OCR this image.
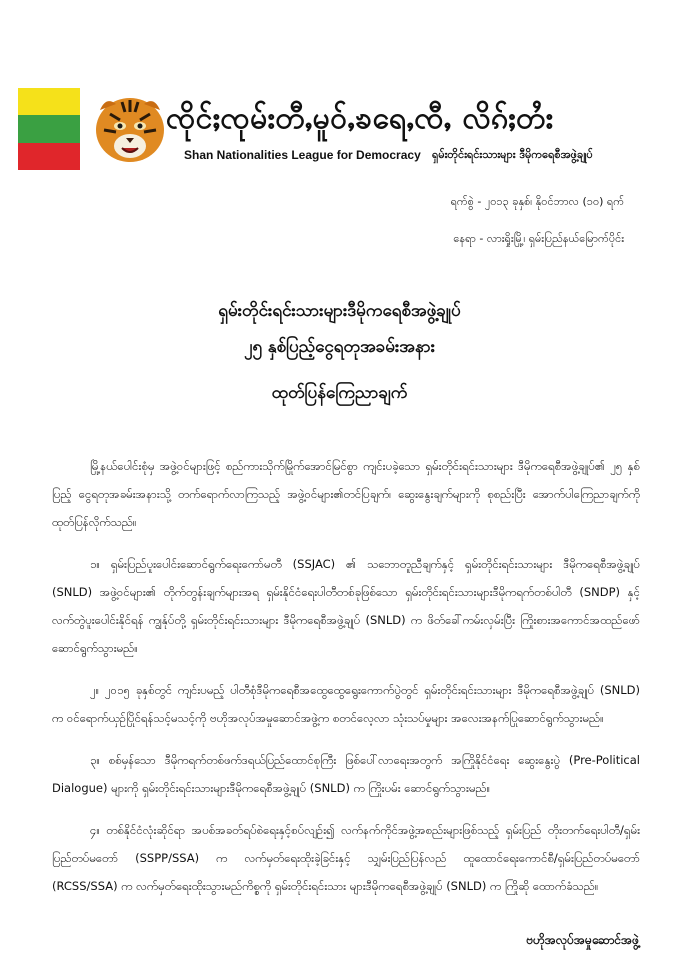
ၸိုင်ႈၸုမ်းတီႇမူဝ်ႇၶရေႇၸီႇ လိၵ်ႈတႆး
Shan Nationalities League for Democracy ရှမ်းတိုင်းရင်းသားများ ဒီမိုကရေစီအဖွဲ့ချုပ်
ရက်စွဲ - ၂၀၁၃ ခုနှစ်၊ နိုဝင်ဘာလ (၁၀) ရက်
နေရာ - လားရှိုးမြို့၊ ရှမ်းပြည်နယ်မြောက်ပိုင်း
ရှမ်းတိုင်းရင်းသားများဒီမိုကရေစီအဖွဲ့ချုပ်
၂၅ နှစ်ပြည့်ငွေရတုအခမ်းအနား
ထုတ်ပြန်ကြေညာချက်

မြို့နယ်ပေါင်းစုံမှ အဖွဲ့ဝင်များဖြင့် စည်ကားသိုက်မြိုက်အောင်မြင်စွာ ကျင်းပခဲ့သော ရှမ်းတိုင်းရင်းသားများ ဒီမိုကရေစီအဖွဲ့ချုပ်၏ ၂၅ နှစ်ပြည့် ငွေရတုအခမ်းအနားသို့ တက်ရောက်လာကြသည့် အဖွဲ့ဝင်များ၏တင်ပြချက်၊ ဆွေးနွေးချက်များကို စုစည်းပြီး အောက်ပါကြေညာချက်ကို ထုတ်ပြန်လိုက်သည်။

၁။ ရှမ်းပြည်ပူးပေါင်းဆောင်ရွက်ရေးကော်မတီ (SSJAC) ၏ သဘောတူညီချက်နှင့် ရှမ်းတိုင်းရင်းသားများ ဒီမိုကရေစီအဖွဲ့ချုပ် (SNLD) အဖွဲ့ဝင်များ၏ တိုက်တွန်းချက်များအရ ရှမ်းနိုင်ငံရေးပါတီတစ်ခုဖြစ်သော ရှမ်းတိုင်းရင်းသားများဒီမိုကရက်တစ်ပါတီ (SNDP) နှင့် လက်တွဲပူးပေါင်းနိုင်ရန် ကျွန်ုပ်တို့ ရှမ်းတိုင်းရင်းသားများ ဒီမိုကရေစီအဖွဲ့ချုပ် (SNLD) က ဖိတ်ခေါ်ကမ်းလှမ်းပြီး ကြိုးစားအကောင်အထည်ဖော် ဆောင်ရွက်သွားမည်။

၂။ ၂၀၁၅ ခုနှစ်တွင် ကျင်းပမည့် ပါတီစုံဒီမိုကရေစီအထွေထွေရွေးကောက်ပွဲတွင် ရှမ်းတိုင်းရင်းသားများ ဒီမိုကရေစီအဖွဲ့ချုပ် (SNLD) က ဝင်ရောက်ယှဉ်ပြိုင်ရန်သင့်မသင့်ကို ဗဟိုအလုပ်အမှုဆောင်အဖွဲ့က စတင်လေ့လာ သုံးသပ်မှုများ အလေးအနက်ပြုဆောင်ရွက်သွားမည်။

၃။ စစ်မှန်သော ဒီမိုကရက်တစ်ဖက်ဒရယ်ပြည်ထောင်စုကြီး ဖြစ်ပေါ်လာရေးအတွက် အကြိုနိုင်ငံရေး ဆွေးနွေးပွဲ (Pre-Political Dialogue) များကို ရှမ်းတိုင်းရင်းသားများဒီမိုကရေစီအဖွဲ့ချုပ် (SNLD) က ကြိုးပမ်း ဆောင်ရွက်သွားမည်။

၄။ တစ်နိုင်ငံလုံးဆိုင်ရာ အပစ်အခတ်ရပ်စဲရေးနှင့်စပ်လျဉ်း၍ လက်နက်ကိုင်အဖွဲ့အစည်းများဖြစ်သည့် ရှမ်းပြည် တိုးတက်ရေးပါတီ/ရှမ်းပြည်တပ်မတော် (SSPP/SSA) က လက်မှတ်ရေးထိုးခဲ့ခြင်းနှင့် သျှမ်းပြည်ပြန်လည် ထူထောင်ရေးကောင်စီ/ရှမ်းပြည်တပ်မတော် (RCSS/SSA) က လက်မှတ်ရေးထိုးသွားမည်ကိစ္စကို ရှမ်းတိုင်းရင်းသား များဒီမိုကရေစီအဖွဲ့ချုပ် (SNLD) က ကြိုဆို ထောက်ခံသည်။

ဗဟိုအလုပ်အမှုဆောင်အဖွဲ့
